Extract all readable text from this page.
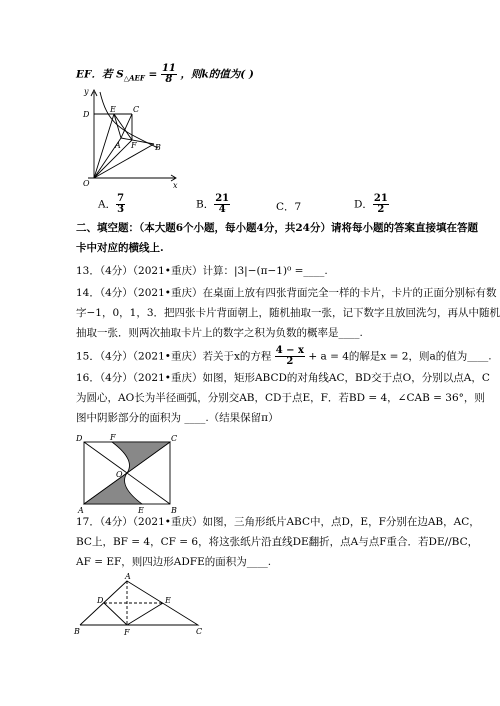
EF．若 $S_{\triangle AEF} = \frac{11}{8}$ ，则k的值为( )
y
x
O
D
E C
A F B
A． $\frac{7}{3}$	B． $\frac{21}{4}$	C．7	D． $\frac{21}{2}$
二、填空题：（本大题6个小题，每小题4分，共24分）请将每小题的答案直接填在答题
卡中对应的横线上.
13．（4分）（2021•重庆）计算：|3|−(π−1)⁰ =____.
14．（4分）（2021•重庆）在桌面上放有四张背面完全一样的卡片，卡片的正面分别标有数
字−1，0，1，3．把四张卡片背面朝上，随机抽取一张，记下数字且放回洗匀，再从中随机
抽取一张．则两次抽取卡片上的数字之积为负数的概率是____.
15．（4分）（2021•重庆）若关于x的方程 $\frac{4 - x}{2} + a = 4$的解是x = 2，则a的值为____.
16．（4分）（2021•重庆）如图，矩形ABCD的对角线AC，BD交于点O，分别以点A，C
为圆心，AO长为半径画弧，分别交AB，CD于点E，F．若BD = 4，∠CAB = 36°，则
图中阴影部分的面积为 ____.（结果保留π）
D	F	C
O
A	E	B
17．（4分）（2021•重庆）如图，三角形纸片ABC中，点D，E，F分别在边AB，AC，
BC上，BF = 4，CF = 6，将这张纸片沿直线DE翻折，点A与点F重合．若DE//BC，
AF = EF，则四边形ADFE的面积为____.
A
D	E
B	F	C
